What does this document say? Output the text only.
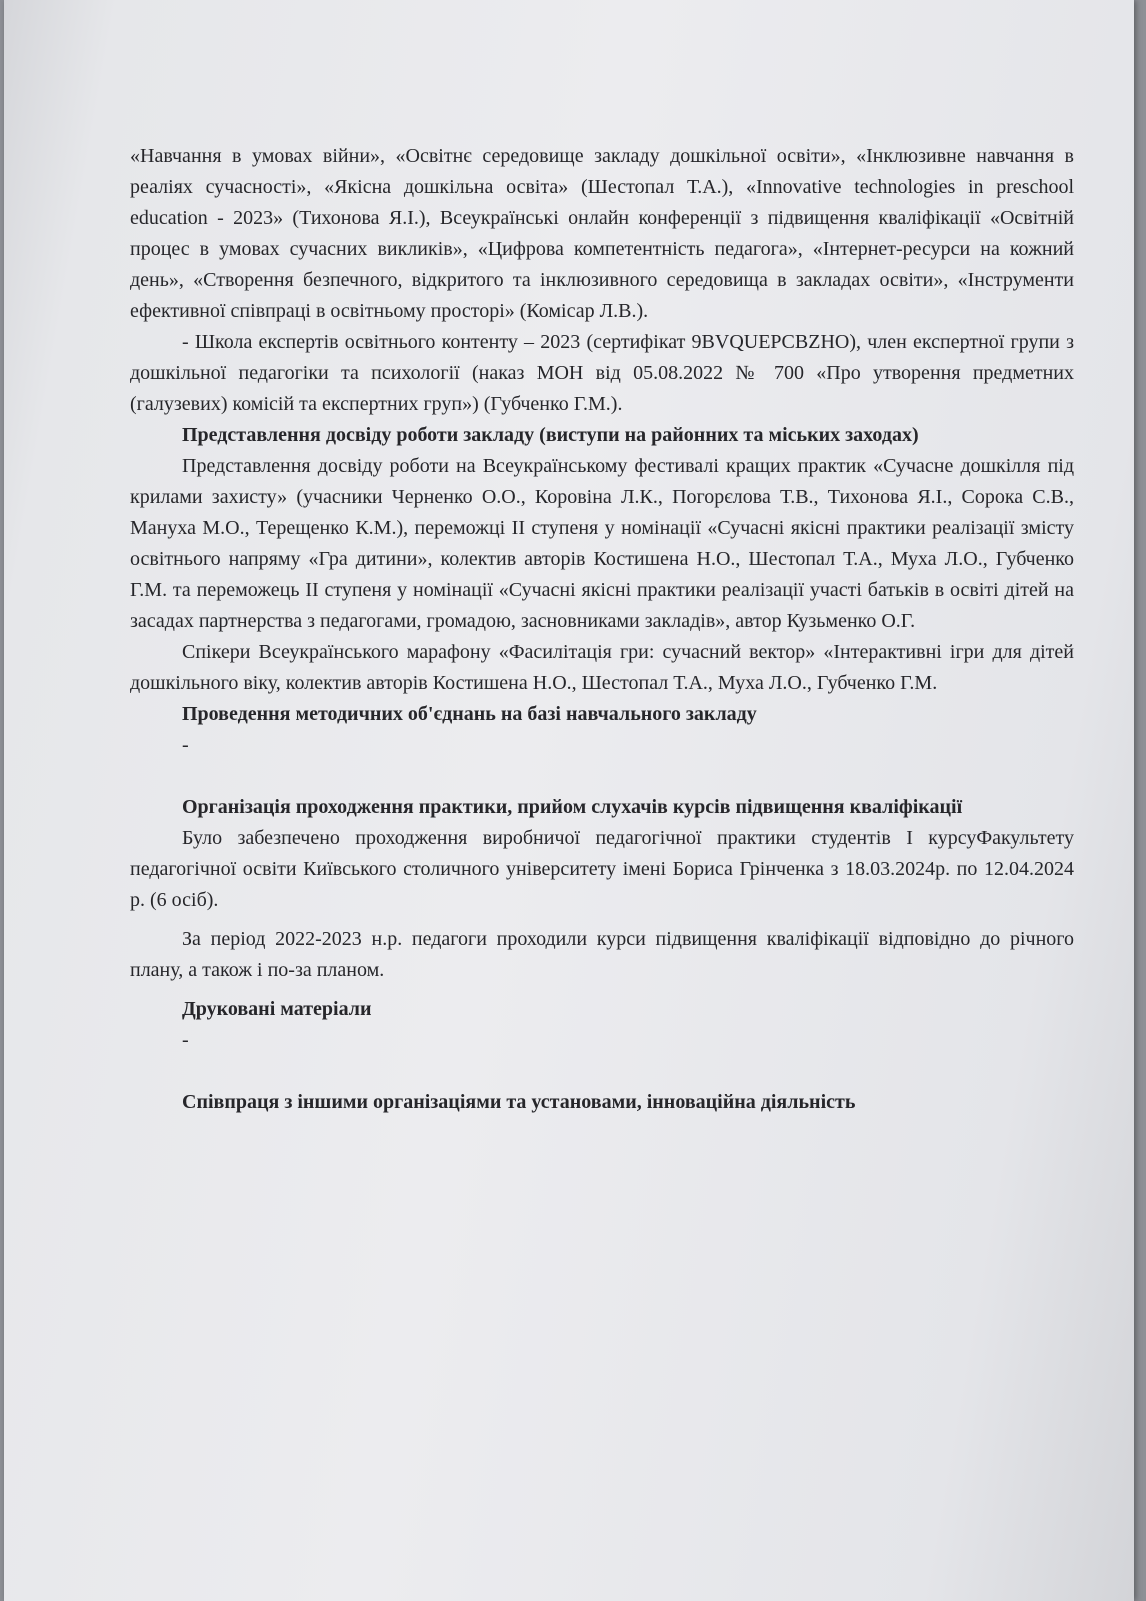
«Навчання в умовах війни», «Освітнє середовище закладу дошкільної освіти», «Інклюзивне навчання в реаліях сучасності», «Якісна дошкільна освіта» (Шестопал Т.А.), «Innovative technologies in preschool education - 2023» (Тихонова Я.І.), Всеукраїнські онлайн конференції з підвищення кваліфікації «Освітній процес в умовах сучасних викликів», «Цифрова компетентність педагога», «Інтернет-ресурси на кожний день», «Створення безпечного, відкритого та інклюзивного середовища в закладах освіти», «Інструменти ефективної співпраці в освітньому просторі» (Комісар Л.В.).

- Школа експертів освітнього контенту – 2023 (сертифікат 9BVQUEPCBZHO), член експертної групи з дошкільної педагогіки та психології (наказ МОН від 05.08.2022 № 700 «Про утворення предметних (галузевих) комісій та експертних груп») (Губченко Г.М.).

Представлення досвіду роботи закладу (виступи на районних та міських заходах)

Представлення досвіду роботи на Всеукраїнському фестивалі кращих практик «Сучасне дошкілля під крилами захисту» (учасники Черненко О.О., Коровіна Л.К., Погорєлова Т.В., Тихонова Я.І., Сорока С.В., Мануха М.О., Терещенко К.М.), переможці ІІ ступеня у номінації «Сучасні якісні практики реалізації змісту освітнього напряму «Гра дитини», колектив авторів Костишена Н.О., Шестопал Т.А., Муха Л.О., Губченко Г.М. та переможець ІІ ступеня у номінації «Сучасні якісні практики реалізації участі батьків в освіті дітей на засадах партнерства з педагогами, громадою, засновниками закладів», автор Кузьменко О.Г.

Спікери Всеукраїнського марафону «Фасилітація гри: сучасний вектор» «Інтерактивні ігри для дітей дошкільного віку, колектив авторів Костишена Н.О., Шестопал Т.А., Муха Л.О., Губченко Г.М.

Проведення методичних об'єднань на базі навчального закладу
-
Організація проходження практики, прийом слухачів курсів підвищення кваліфікації

Було забезпечено проходження виробничої педагогічної практики студентів І курсуФакультету педагогічної освіти Київського столичного університету імені Бориса Грінченка з 18.03.2024р. по 12.04.2024 р. (6 осіб).

За період 2022-2023 н.р. педагоги проходили курси підвищення кваліфікації відповідно до річного плану, а також і по-за планом.

Друковані матеріали
-
Співпраця з іншими організаціями та установами, інноваційна діяльність
